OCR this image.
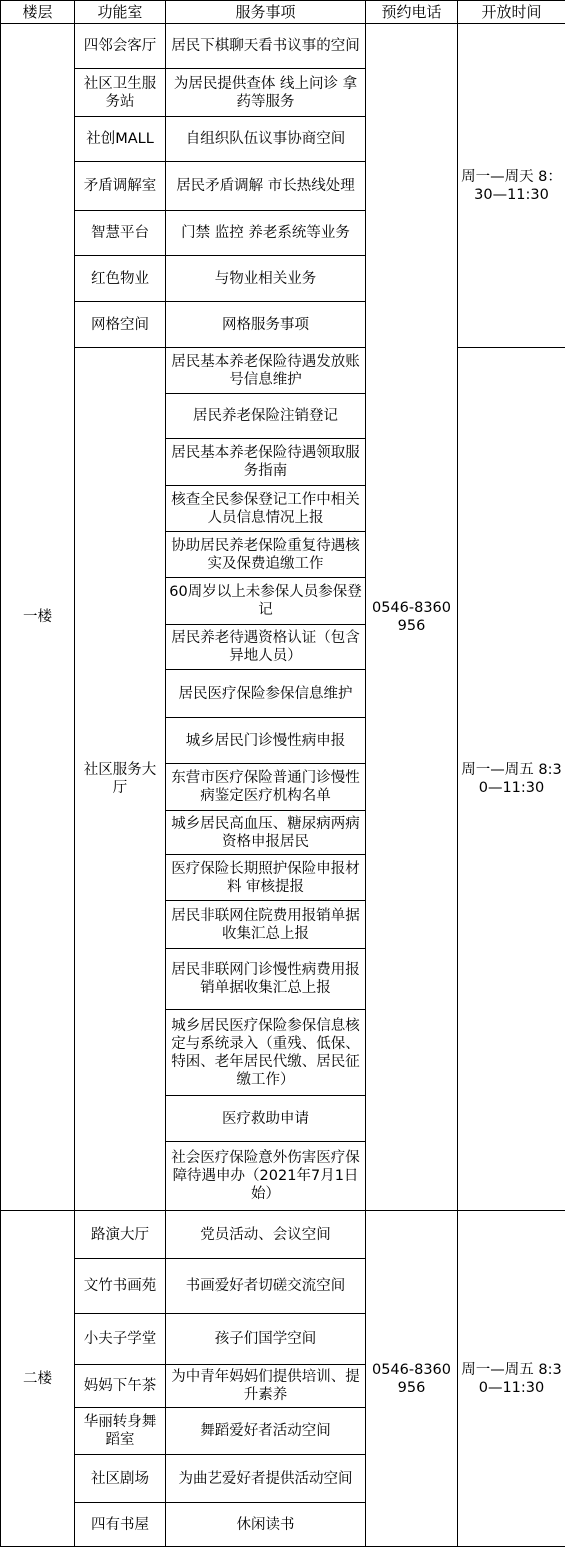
楼层	功能室	服务事项	预约电话	开放时间
一楼	四邻会客厅	居民下棋聊天看书议事的空间	0546-8360956	周一—周天 8：30—11:30
	社区卫生服务站	为居民提供查体 线上问诊 拿药等服务		
	社创MALL	自组织队伍议事协商空间		
	矛盾调解室	居民矛盾调解 市长热线处理		
	智慧平台	门禁 监控 养老系统等业务		
	红色物业	与物业相关业务		
	网格空间	网格服务事项		
	社区服务大厅	居民基本养老保险待遇发放账号信息维护		周一—周五 8:30—11:30
		居民养老保险注销登记		
		居民基本养老保险待遇领取服务指南		
		核查全民参保登记工作中相关人员信息情况上报		
		协助居民养老保险重复待遇核实及保费追缴工作		
		60周岁以上未参保人员参保登记		
		居民养老待遇资格认证（包含异地人员）		
		居民医疗保险参保信息维护		
		城乡居民门诊慢性病申报		
		东营市医疗保险普通门诊慢性病鉴定医疗机构名单		
		城乡居民高血压、糖尿病两病资格申报居民		
		医疗保险长期照护保险申报材料 审核提报		
		居民非联网住院费用报销单据收集汇总上报		
		居民非联网门诊慢性病费用报销单据收集汇总上报		
		城乡居民医疗保险参保信息核定与系统录入（重残、低保、特困、老年居民代缴、居民征缴工作）		
		医疗救助申请		
		社会医疗保险意外伤害医疗保障待遇申办（2021年7月1日始）		
二楼	路演大厅	党员活动、会议空间	0546-8360956	周一—周五 8:30—11:30
	文竹书画苑	书画爱好者切磋交流空间		
	小夫子学堂	孩子们国学空间		
	妈妈下午茶	为中青年妈妈们提供培训、提升素养		
	华丽转身舞蹈室	舞蹈爱好者活动空间		
	社区剧场	为曲艺爱好者提供活动空间		
	四有书屋	休闲读书		
